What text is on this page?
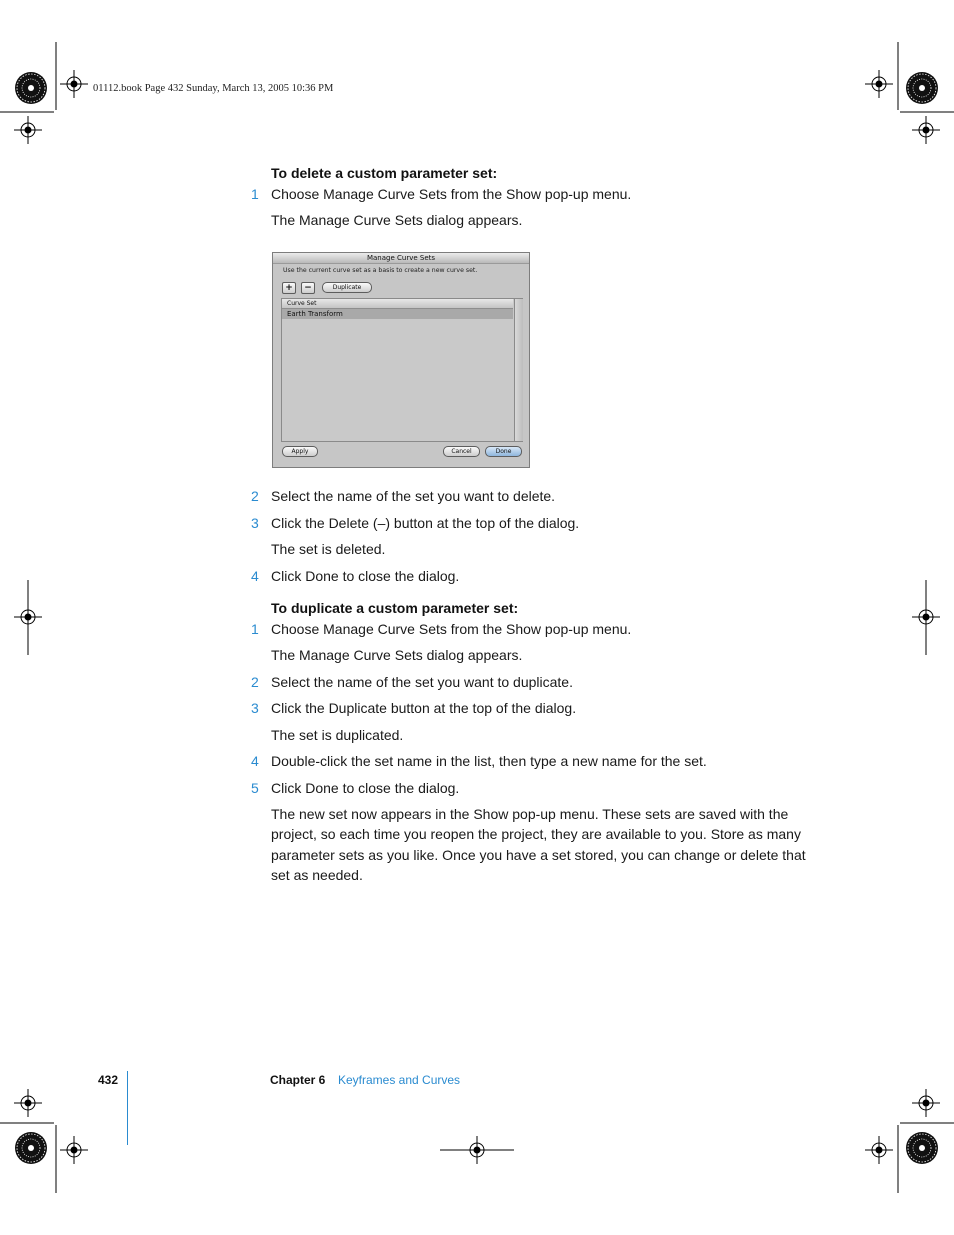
01112.book Page 432 Sunday, March 13, 2005 10:36 PM
To delete a custom parameter set:
1 Choose Manage Curve Sets from the Show pop-up menu.
The Manage Curve Sets dialog appears.
Manage Curve Sets
Use the current curve set as a basis to create a new curve set.
+	−	Duplicate
Curve Set
Earth Transform
Apply	Cancel	Done
2 Select the name of the set you want to delete.
3 Click the Delete (–) button at the top of the dialog.
The set is deleted.
4 Click Done to close the dialog.
To duplicate a custom parameter set:
1 Choose Manage Curve Sets from the Show pop-up menu.
The Manage Curve Sets dialog appears.
2 Select the name of the set you want to duplicate.
3 Click the Duplicate button at the top of the dialog.
The set is duplicated.
4 Double-click the set name in the list, then type a new name for the set.
5 Click Done to close the dialog.
The new set now appears in the Show pop-up menu. These sets are saved with the project, so each time you reopen the project, they are available to you. Store as many parameter sets as you like. Once you have a set stored, you can change or delete that set as needed.
432	Chapter 6 Keyframes and Curves
